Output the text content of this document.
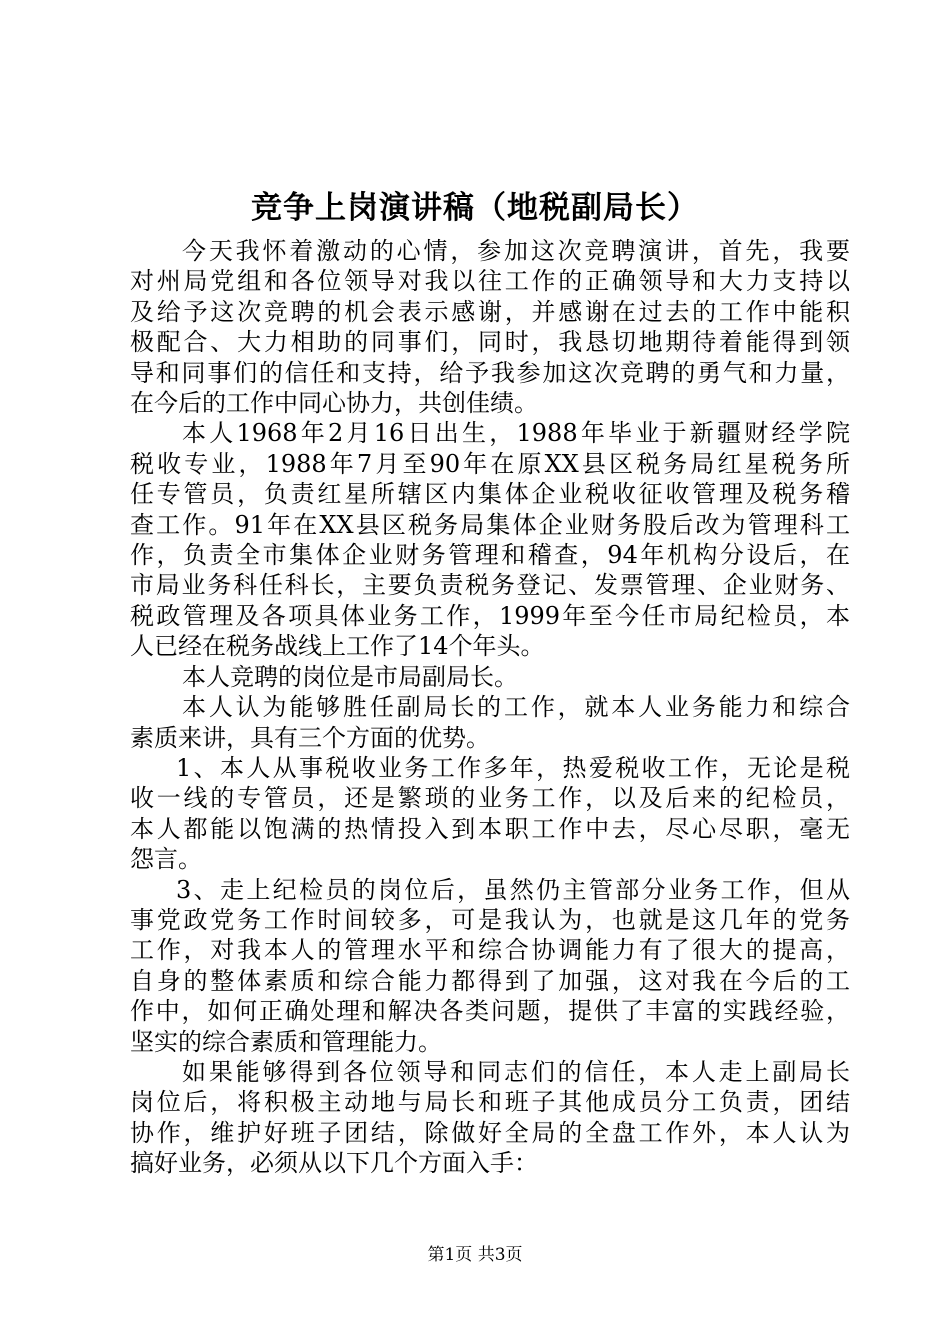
竞争上岗演讲稿（地税副局长）
今天我怀着激动的心情，参加这次竞聘演讲，首先，我要
对州局党组和各位领导对我以往工作的正确领导和大力支持以
及给予这次竞聘的机会表示感谢，并感谢在过去的工作中能积
极配合、大力相助的同事们，同时，我恳切地期待着能得到领
导和同事们的信任和支持，给予我参加这次竞聘的勇气和力量，
在今后的工作中同心协力，共创佳绩。
本人1968年2月16日出生，1988年毕业于新疆财经学院
税收专业，1988年7月至90年在原XX县区税务局红星税务所
任专管员，负责红星所辖区内集体企业税收征收管理及税务稽
查工作。91年在XX县区税务局集体企业财务股后改为管理科工
作，负责全市集体企业财务管理和稽查，94年机构分设后，在
市局业务科任科长，主要负责税务登记、发票管理、企业财务、
税政管理及各项具体业务工作，1999年至今任市局纪检员，本
人已经在税务战线上工作了14个年头。
本人竞聘的岗位是市局副局长。
本人认为能够胜任副局长的工作，就本人业务能力和综合
素质来讲，具有三个方面的优势。
1、本人从事税收业务工作多年，热爱税收工作，无论是税
收一线的专管员，还是繁琐的业务工作，以及后来的纪检员，
本人都能以饱满的热情投入到本职工作中去，尽心尽职，毫无
怨言。
3、走上纪检员的岗位后，虽然仍主管部分业务工作，但从
事党政党务工作时间较多，可是我认为，也就是这几年的党务
工作，对我本人的管理水平和综合协调能力有了很大的提高，
自身的整体素质和综合能力都得到了加强，这对我在今后的工
作中，如何正确处理和解决各类问题，提供了丰富的实践经验，
坚实的综合素质和管理能力。
如果能够得到各位领导和同志们的信任，本人走上副局长
岗位后，将积极主动地与局长和班子其他成员分工负责，团结
协作，维护好班子团结，除做好全局的全盘工作外，本人认为
搞好业务，必须从以下几个方面入手：
第1页 共3页
